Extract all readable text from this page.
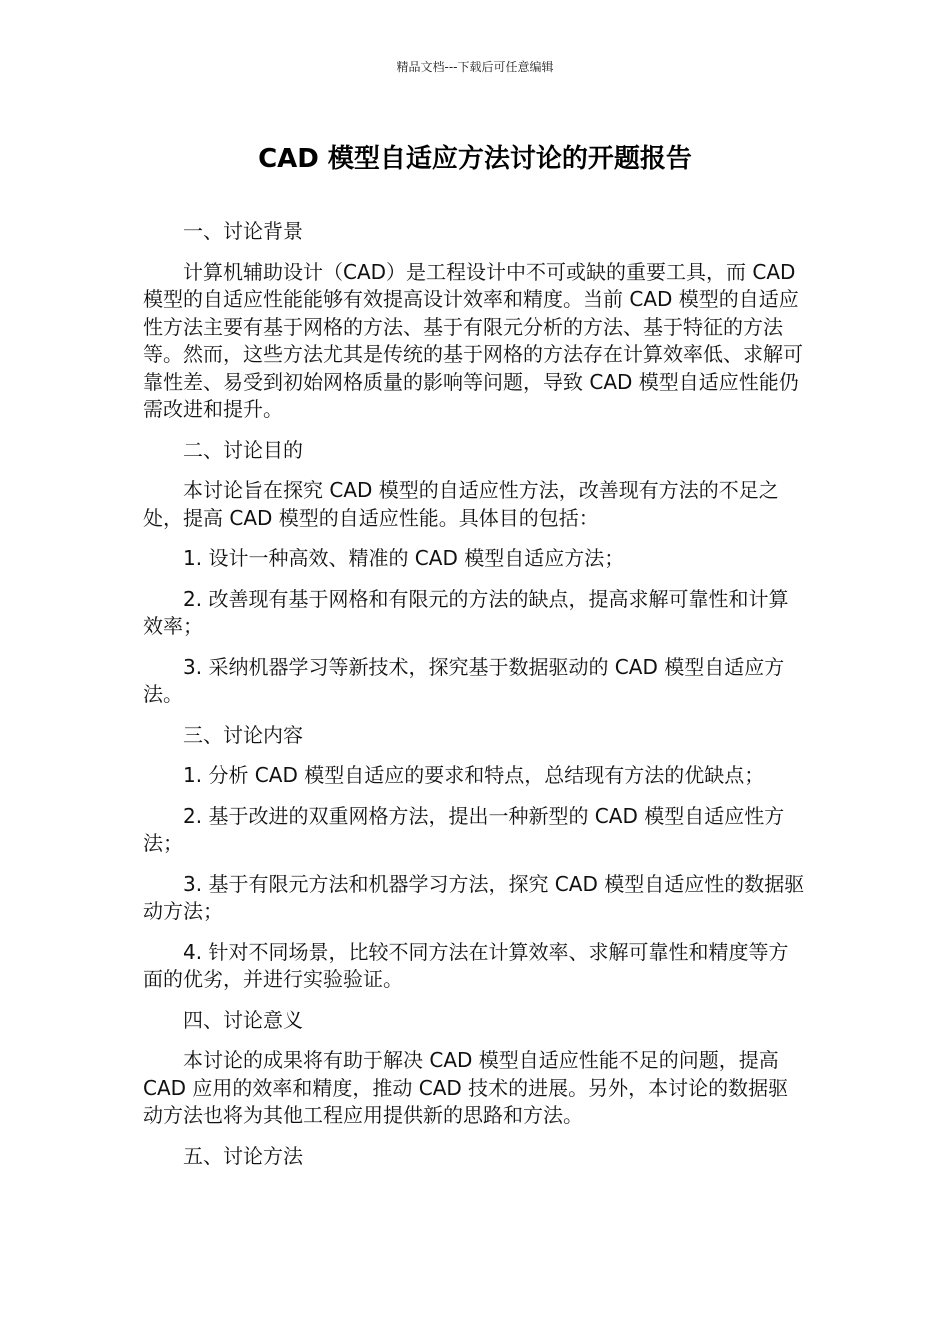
精品文档---下载后可任意编辑
CAD 模型自适应方法讨论的开题报告

一、讨论背景

计算机辅助设计（CAD）是工程设计中不可或缺的重要工具，而 CAD 模型的自适应性能能够有效提高设计效率和精度。当前 CAD 模型的自适应性方法主要有基于网格的方法、基于有限元分析的方法、基于特征的方法等。然而，这些方法尤其是传统的基于网格的方法存在计算效率低、求解可靠性差、易受到初始网格质量的影响等问题，导致 CAD 模型自适应性能仍需改进和提升。

二、讨论目的

本讨论旨在探究 CAD 模型的自适应性方法，改善现有方法的不足之处，提高 CAD 模型的自适应性能。具体目的包括：

1. 设计一种高效、精准的 CAD 模型自适应方法；

2. 改善现有基于网格和有限元的方法的缺点，提高求解可靠性和计算效率；

3. 采纳机器学习等新技术，探究基于数据驱动的 CAD 模型自适应方法。

三、讨论内容

1. 分析 CAD 模型自适应的要求和特点，总结现有方法的优缺点；

2. 基于改进的双重网格方法，提出一种新型的 CAD 模型自适应性方法；

3. 基于有限元方法和机器学习方法，探究 CAD 模型自适应性的数据驱动方法；

4. 针对不同场景，比较不同方法在计算效率、求解可靠性和精度等方面的优劣，并进行实验验证。

四、讨论意义

本讨论的成果将有助于解决 CAD 模型自适应性能不足的问题，提高 CAD 应用的效率和精度，推动 CAD 技术的进展。另外，本讨论的数据驱动方法也将为其他工程应用提供新的思路和方法。

五、讨论方法
